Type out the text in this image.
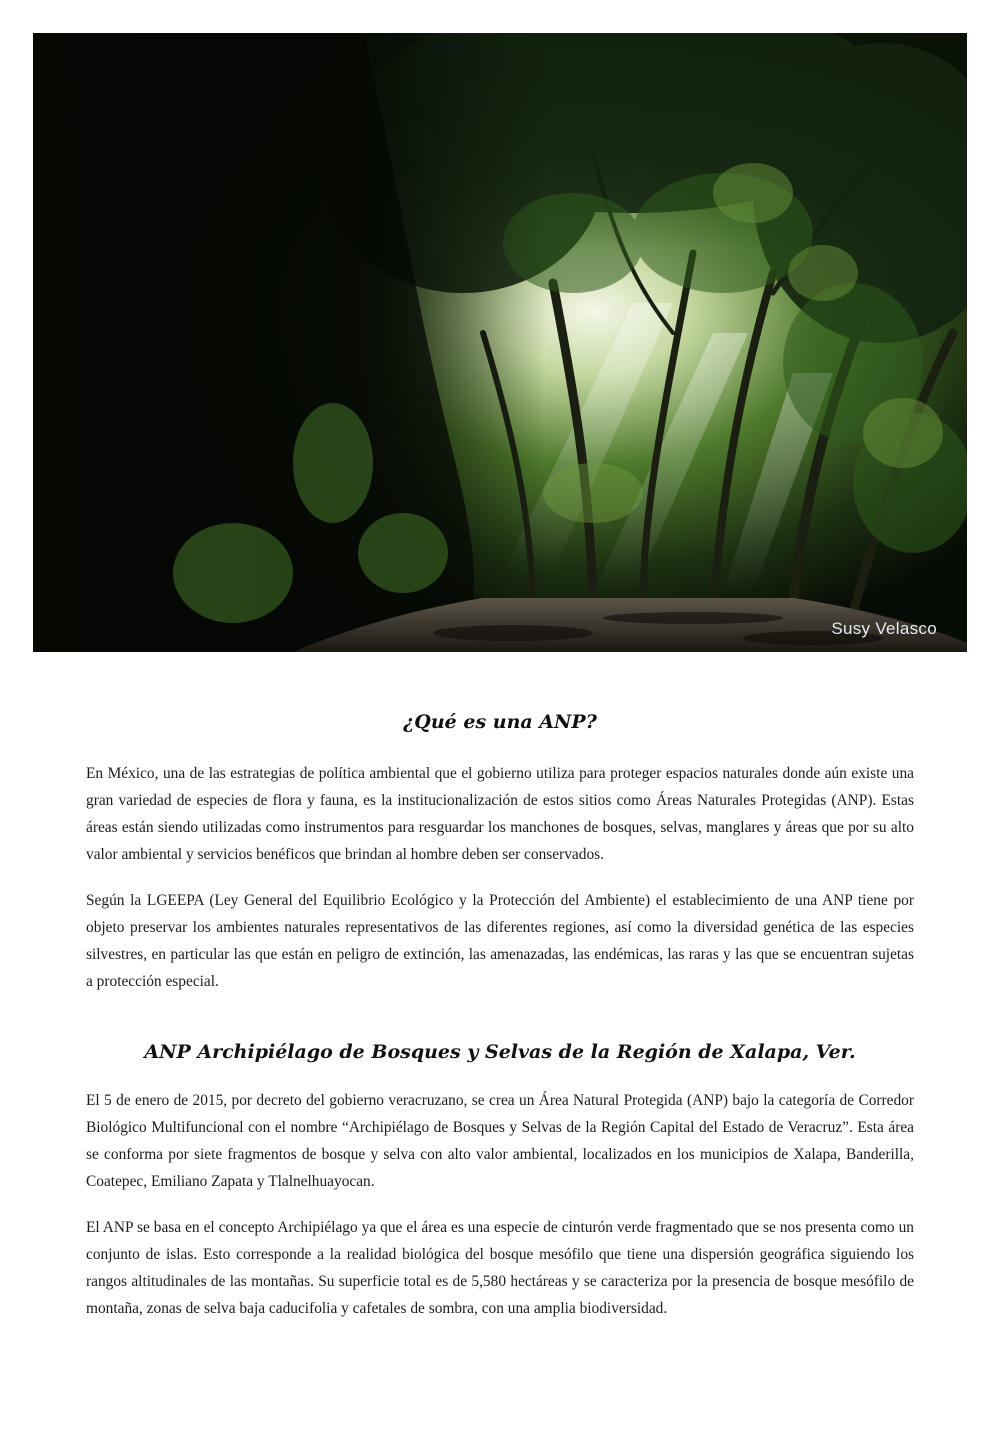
Susy Velasco
¿Qué es una ANP?

En México, una de las estrategias de política ambiental que el gobierno utiliza para proteger espacios naturales donde aún existe una gran variedad de especies de flora y fauna, es la institucionalización de estos sitios como Áreas Naturales Protegidas (ANP). Estas áreas están siendo utilizadas como instrumentos para resguardar los manchones de bosques, selvas, manglares y áreas que por su alto valor ambiental y servicios benéficos que brindan al hombre deben ser conservados.

Según la LGEEPA (Ley General del Equilibrio Ecológico y la Protección del Ambiente) el establecimiento de una ANP tiene por objeto preservar los ambientes naturales representativos de las diferentes regiones, así como la diversidad genética de las especies silvestres, en particular las que están en peligro de extinción, las amenazadas, las endémicas, las raras y las que se encuentran sujetas a protección especial.

ANP Archipiélago de Bosques y Selvas de la Región de Xalapa, Ver.

El 5 de enero de 2015, por decreto del gobierno veracruzano, se crea un Área Natural Protegida (ANP) bajo la categoría de Corredor Biológico Multifuncional con el nombre “Archipiélago de Bosques y Selvas de la Región Capital del Estado de Veracruz”. Esta área se conforma por siete fragmentos de bosque y selva con alto valor ambiental, localizados en los municipios de Xalapa, Banderilla, Coatepec, Emiliano Zapata y Tlalnelhuayocan.

El ANP se basa en el concepto Archipiélago ya que el área es una especie de cinturón verde fragmentado que se nos presenta como un conjunto de islas. Esto corresponde a la realidad biológica del bosque mesófilo que tiene una dispersión geográfica siguiendo los rangos altitudinales de las montañas. Su superficie total es de 5,580 hectáreas y se caracteriza por la presencia de bosque mesófilo de montaña, zonas de selva baja caducifolia y cafetales de sombra, con una amplia biodiversidad.
